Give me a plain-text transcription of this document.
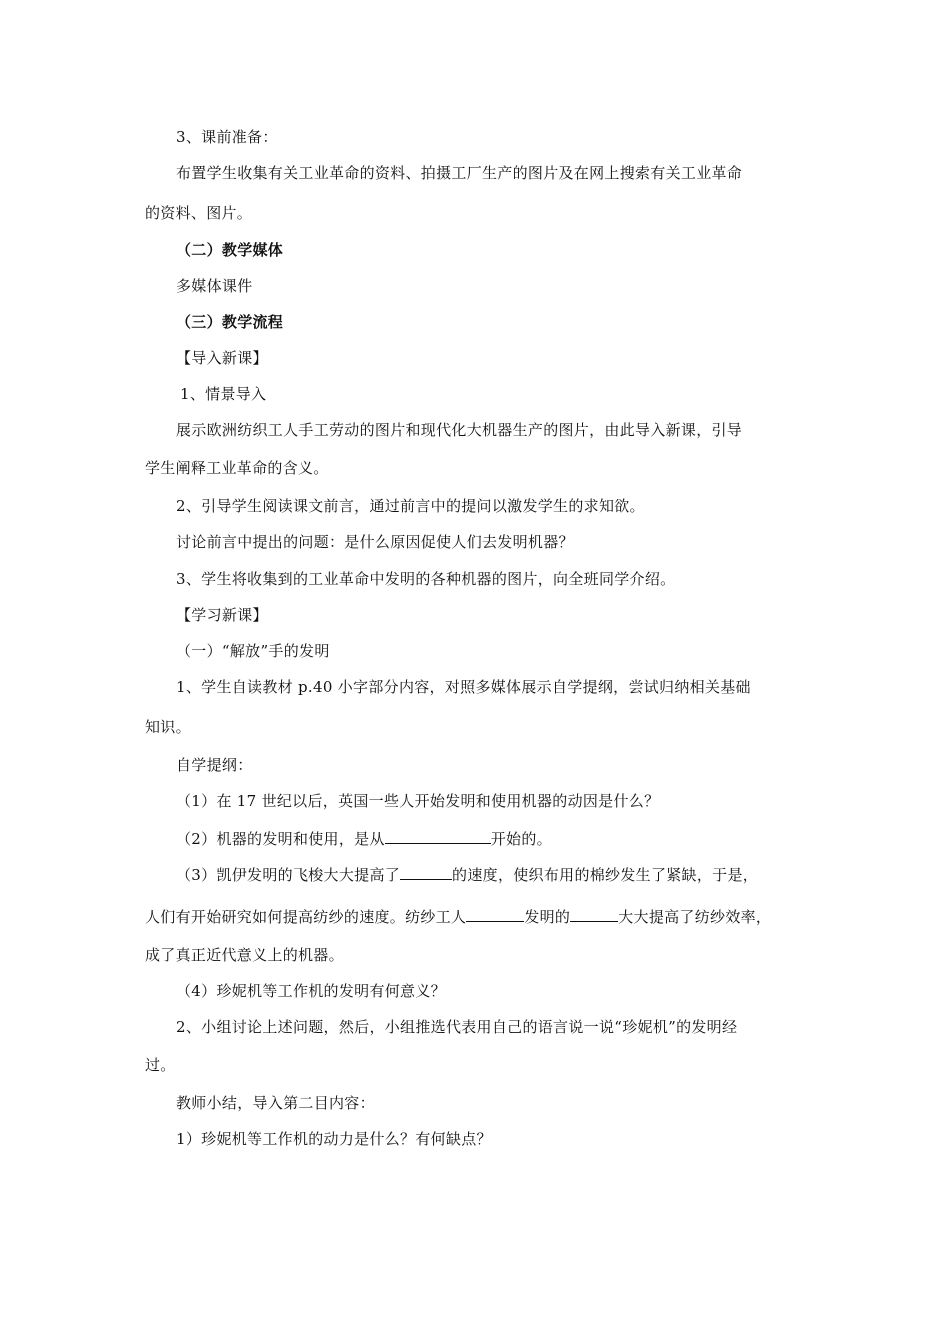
3、课前准备：
布置学生收集有关工业革命的资料、拍摄工厂生产的图片及在网上搜索有关工业革命
的资料、图片。
（二）教学媒体
多媒体课件
（三）教学流程
【导入新课】
1、情景导入
展示欧洲纺织工人手工劳动的图片和现代化大机器生产的图片，由此导入新课，引导
学生阐释工业革命的含义。
2、引导学生阅读课文前言，通过前言中的提问以激发学生的求知欲。
讨论前言中提出的问题：是什么原因促使人们去发明机器？
3、学生将收集到的工业革命中发明的各种机器的图片，向全班同学介绍。
【学习新课】
（一）“解放”手的发明
1、学生自读教材 p.40 小字部分内容，对照多媒体展示自学提纲，尝试归纳相关基础
知识。
自学提纲：
（1）在 17 世纪以后，英国一些人开始发明和使用机器的动因是什么？
（2）机器的发明和使用，是从	开始的。
（3）凯伊发明的飞梭大大提高了	的速度，使织布用的棉纱发生了紧缺，于是，
人们有开始研究如何提高纺纱的速度。纺纱工人	发明的	大大提高了纺纱效率，
成了真正近代意义上的机器。
（4）珍妮机等工作机的发明有何意义？
2、小组讨论上述问题，然后，小组推选代表用自己的语言说一说“珍妮机”的发明经
过。
教师小结，导入第二目内容：
1）珍妮机等工作机的动力是什么？有何缺点？
